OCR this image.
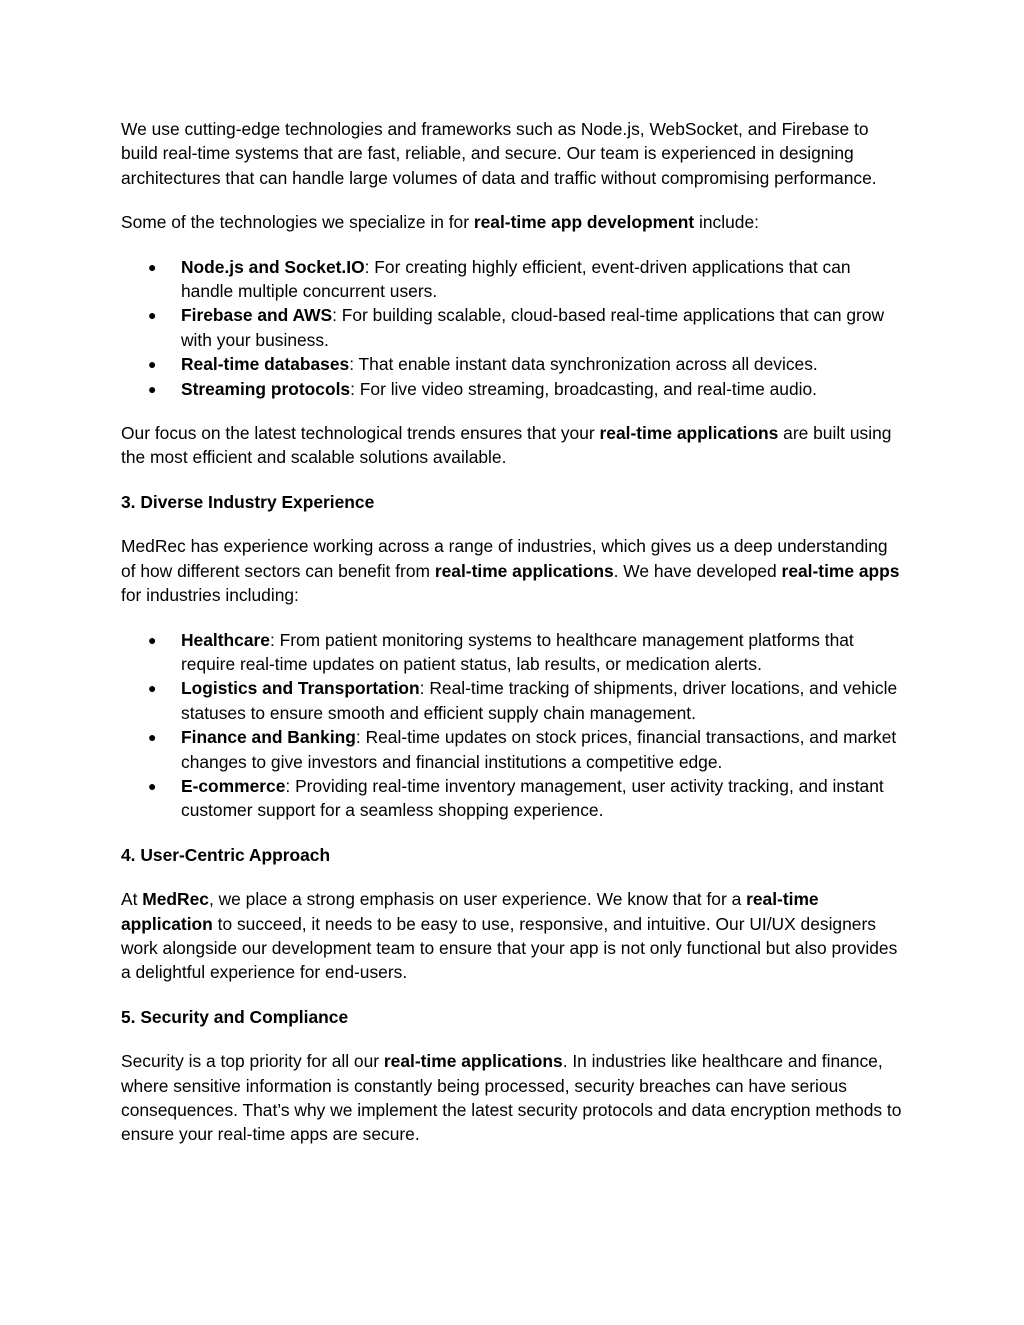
We use cutting-edge technologies and frameworks such as Node.js, WebSocket, and Firebase to build real-time systems that are fast, reliable, and secure. Our team is experienced in designing architectures that can handle large volumes of data and traffic without compromising performance.

Some of the technologies we specialize in for real-time app development include:

● Node.js and Socket.IO: For creating highly efficient, event-driven applications that can handle multiple concurrent users.
● Firebase and AWS: For building scalable, cloud-based real-time applications that can grow with your business.
● Real-time databases: That enable instant data synchronization across all devices.
● Streaming protocols: For live video streaming, broadcasting, and real-time audio.

Our focus on the latest technological trends ensures that your real-time applications are built using the most efficient and scalable solutions available.

3. Diverse Industry Experience

MedRec has experience working across a range of industries, which gives us a deep understanding of how different sectors can benefit from real-time applications. We have developed real-time apps for industries including:

● Healthcare: From patient monitoring systems to healthcare management platforms that require real-time updates on patient status, lab results, or medication alerts.
● Logistics and Transportation: Real-time tracking of shipments, driver locations, and vehicle statuses to ensure smooth and efficient supply chain management.
● Finance and Banking: Real-time updates on stock prices, financial transactions, and market changes to give investors and financial institutions a competitive edge.
● E-commerce: Providing real-time inventory management, user activity tracking, and instant customer support for a seamless shopping experience.

4. User-Centric Approach

At MedRec, we place a strong emphasis on user experience. We know that for a real-time application to succeed, it needs to be easy to use, responsive, and intuitive. Our UI/UX designers work alongside our development team to ensure that your app is not only functional but also provides a delightful experience for end-users.

5. Security and Compliance

Security is a top priority for all our real-time applications. In industries like healthcare and finance, where sensitive information is constantly being processed, security breaches can have serious consequences. That’s why we implement the latest security protocols and data encryption methods to ensure your real-time apps are secure.
